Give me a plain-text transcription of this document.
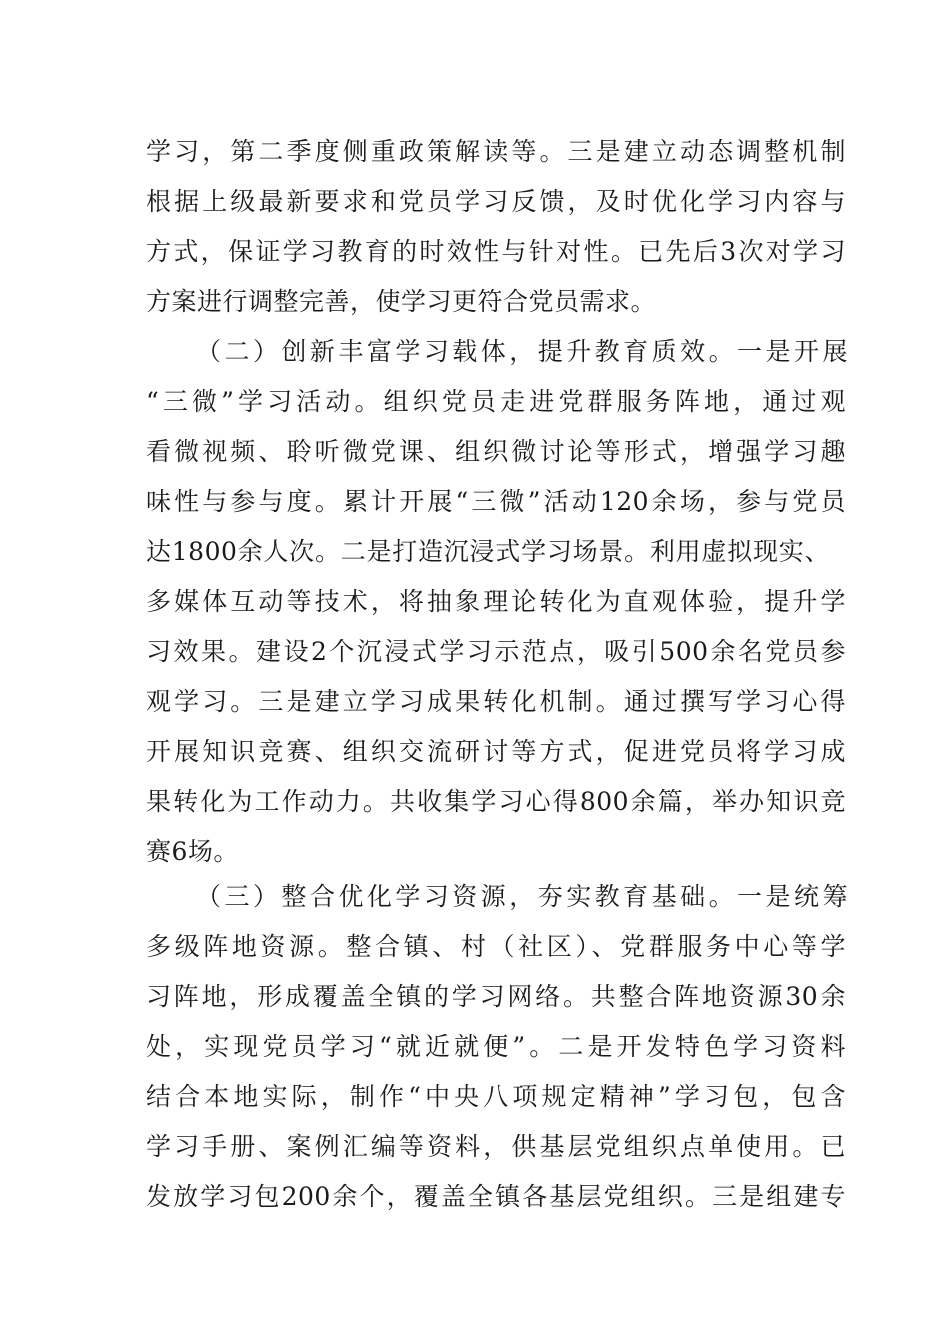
学习，第二季度侧重政策解读等。三是建立动态调整机制
根据上级最新要求和党员学习反馈，及时优化学习内容与
方式，保证学习教育的时效性与针对性。已先后3次对学习
方案进行调整完善，使学习更符合党员需求。
（二）创新丰富学习载体，提升教育质效。一是开展
“三微”学习活动。组织党员走进党群服务阵地，通过观
看微视频、聆听微党课、组织微讨论等形式，增强学习趣
味性与参与度。累计开展“三微”活动120余场，参与党员
达1800余人次。二是打造沉浸式学习场景。利用虚拟现实、
多媒体互动等技术，将抽象理论转化为直观体验，提升学
习效果。建设2个沉浸式学习示范点，吸引500余名党员参
观学习。三是建立学习成果转化机制。通过撰写学习心得
开展知识竞赛、组织交流研讨等方式，促进党员将学习成
果转化为工作动力。共收集学习心得800余篇，举办知识竞
赛6场。
（三）整合优化学习资源，夯实教育基础。一是统筹
多级阵地资源。整合镇、村（社区）、党群服务中心等学
习阵地，形成覆盖全镇的学习网络。共整合阵地资源30余
处，实现党员学习“就近就便”。二是开发特色学习资料
结合本地实际，制作“中央八项规定精神”学习包，包含
学习手册、案例汇编等资料，供基层党组织点单使用。已
发放学习包200余个，覆盖全镇各基层党组织。三是组建专
